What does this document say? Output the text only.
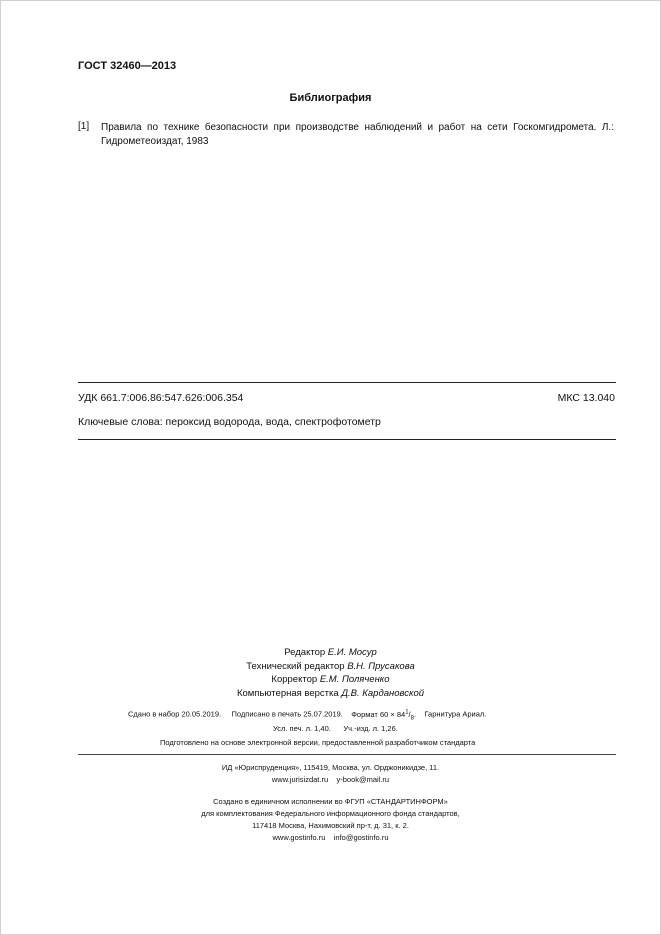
ГОСТ 32460—2013
Библиография
[1] Правила по технике безопасности при производстве наблюдений и работ на сети Госкомгидромета. Л.: Гидрометеоиздат, 1983
УДК 661.7:006.86:547.626:006.354	МКС 13.040
Ключевые слова: пероксид водорода, вода, спектрофотометр
Редактор Е.И. Мосур
Технический редактор В.Н. Прусакова
Корректор Е.М. Поляченко
Компьютерная верстка Д.В. Кардановской
Сдано в набор 20.05.2019. Подписано в печать 25.07.2019. Формат $60 \times 84^1/_8$. Гарнитура Ариал.
Усл. печ. л. 1,40. Уч.-изд. л. 1,26.
Подготовлено на основе электронной версии, предоставленной разработчиком стандарта
ИД «Юриспруденция», 115419, Москва, ул. Орджоникидзе, 11.
www.jurisizdat.ru    y-book@mail.ru
Создано в единичном исполнении во ФГУП «СТАНДАРТИНФОРМ»
для комплектования Федерального информационного фонда стандартов,
117418 Москва, Нахимовский пр-т, д. 31, к. 2.
www.gostinfo.ru    info@gostinfo.ru
